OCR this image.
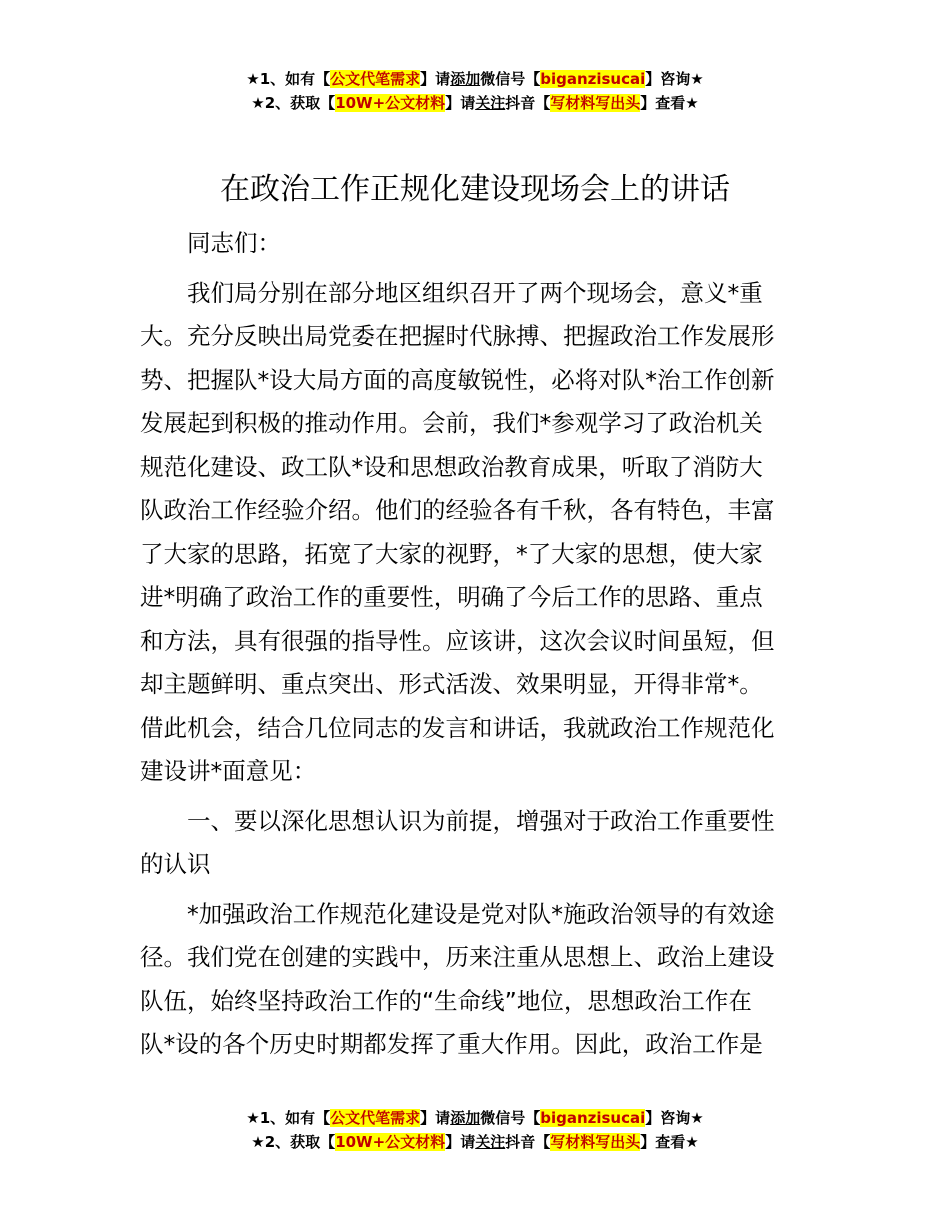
★1、如有【公文代笔需求】请添加微信号【biganzisucai】咨询★
★2、获取【10W+公文材料】请关注抖音【写材料写出头】查看★
在政治工作正规化建设现场会上的讲话

同志们：

我们局分别在部分地区组织召开了两个现场会，意义*重
大。充分反映出局党委在把握时代脉搏、把握政治工作发展形
势、把握队*设大局方面的高度敏锐性，必将对队*治工作创新
发展起到积极的推动作用。会前，我们*参观学习了政治机关
规范化建设、政工队*设和思想政治教育成果，听取了消防大
队政治工作经验介绍。他们的经验各有千秋，各有特色，丰富
了大家的思路，拓宽了大家的视野，*了大家的思想，使大家
进*明确了政治工作的重要性，明确了今后工作的思路、重点
和方法，具有很强的指导性。应该讲，这次会议时间虽短，但
却主题鲜明、重点突出、形式活泼、效果明显，开得非常*。
借此机会，结合几位同志的发言和讲话，我就政治工作规范化
建设讲*面意见：

一、要以深化思想认识为前提，增强对于政治工作重要性
的认识

*加强政治工作规范化建设是党对队*施政治领导的有效途
径。我们党在创建的实践中，历来注重从思想上、政治上建设
队伍，始终坚持政治工作的“生命线”地位，思想政治工作在
队*设的各个历史时期都发挥了重大作用。因此，政治工作是

★1、如有【公文代笔需求】请添加微信号【biganzisucai】咨询★
★2、获取【10W+公文材料】请关注抖音【写材料写出头】查看★
